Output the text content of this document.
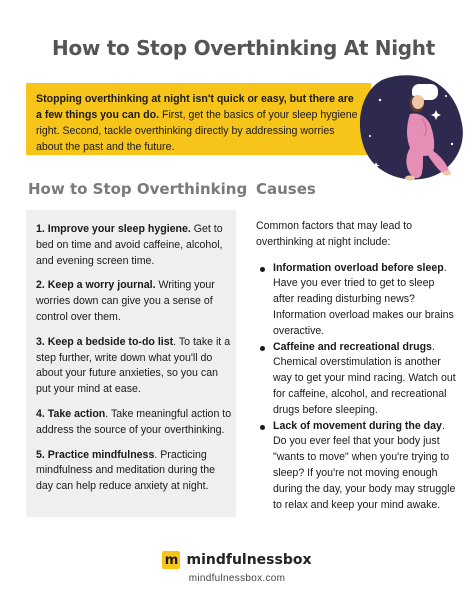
How to Stop Overthinking At Night
Stopping overthinking at night isn't quick or easy, but there are a few things you can do. First, get the basics of your sleep hygiene right. Second, tackle overthinking directly by addressing worries about the past and the future.
How to Stop Overthinking Causes

1. Improve your sleep hygiene. Get to bed on time and avoid caffeine, alcohol, and evening screen time.

2. Keep a worry journal. Writing your worries down can give you a sense of control over them.

3. Keep a bedside to-do list. To take it a step further, write down what you'll do about your future anxieties, so you can put your mind at ease.

4. Take action. Take meaningful action to address the source of your overthinking.

5. Practice mindfulness. Practicing mindfulness and meditation during the day can help reduce anxiety at night.

Common factors that may lead to overthinking at night include:

Information overload before sleep. Have you ever tried to get to sleep after reading disturbing news? Information overload makes our brains overactive.
Caffeine and recreational drugs. Chemical overstimulation is another way to get your mind racing. Watch out for caffeine, alcohol, and recreational drugs before sleeping.
Lack of movement during the day. Do you ever feel that your body just "wants to move" when you're trying to sleep? If you're not moving enough during the day, your body may struggle to relax and keep your mind awake.
m mindfulnessbox
mindfulnessbox.com
